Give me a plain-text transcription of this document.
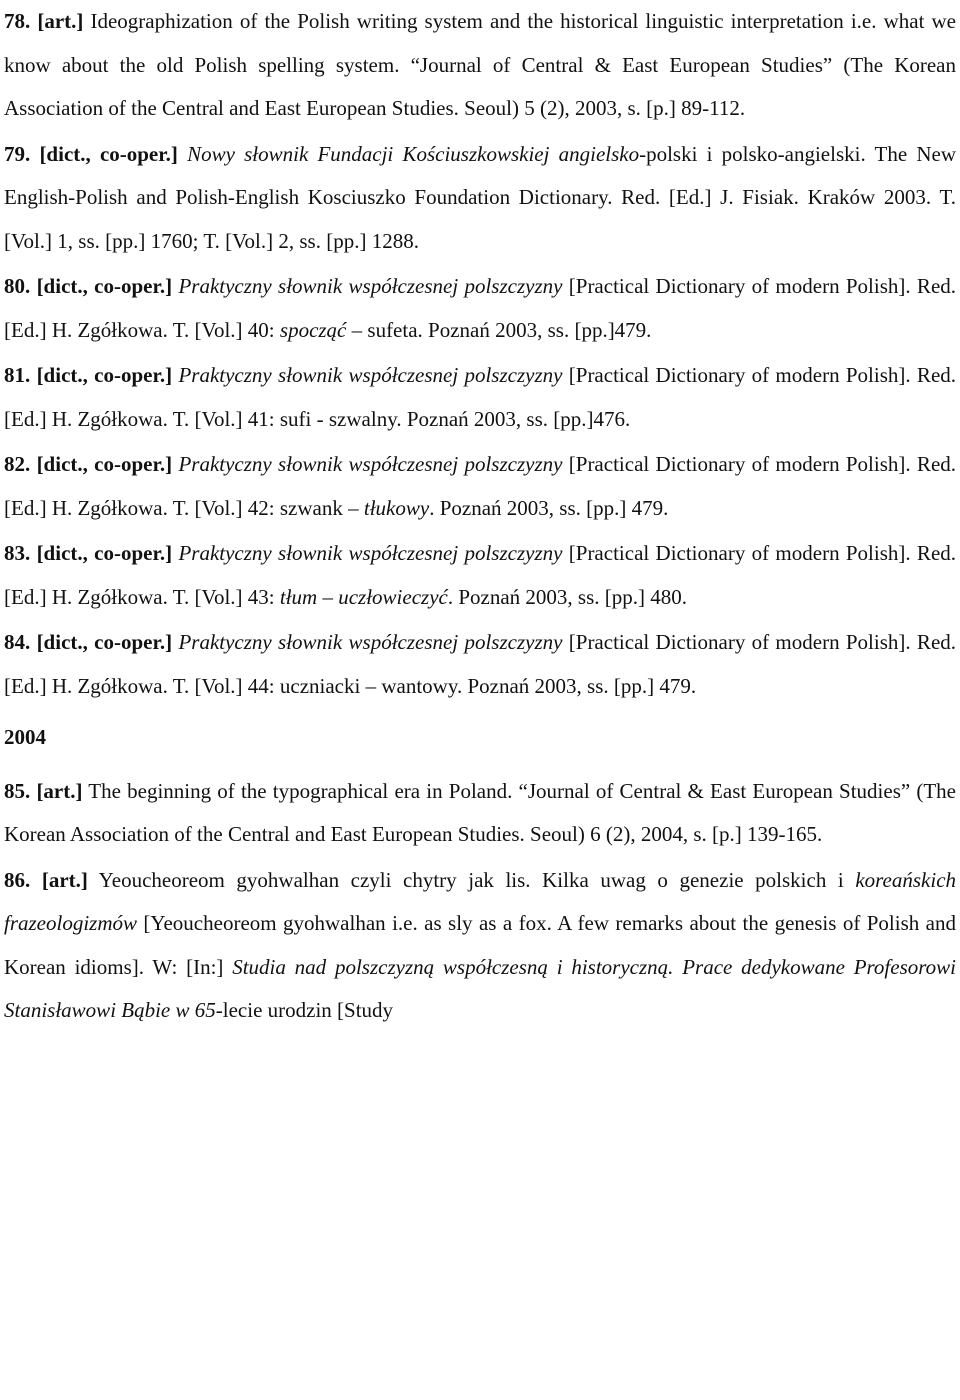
78. [art.] Ideographization of the Polish writing system and the historical linguistic interpretation i.e. what we know about the old Polish spelling system. “Journal of Central & East European Studies” (The Korean Association of the Central and East European Studies. Seoul) 5 (2), 2003, s. [p.] 89-112.

79. [dict., co-oper.] Nowy słownik Fundacji Kościuszkowskiej angielsko-polski i polsko-angielski. The New English-Polish and Polish-English Kosciuszko Foundation Dictionary. Red. [Ed.] J. Fisiak. Kraków 2003. T. [Vol.] 1, ss. [pp.] 1760; T. [Vol.] 2, ss. [pp.] 1288.

80. [dict., co-oper.] Praktyczny słownik współczesnej polszczyzny [Practical Dictionary of modern Polish]. Red. [Ed.] H. Zgółkowa. T. [Vol.] 40: spocząć – sufeta. Poznań 2003, ss. [pp.]479.

81. [dict., co-oper.] Praktyczny słownik współczesnej polszczyzny [Practical Dictionary of modern Polish]. Red. [Ed.] H. Zgółkowa. T. [Vol.] 41: sufi - szwalny. Poznań 2003, ss. [pp.]476.

82. [dict., co-oper.] Praktyczny słownik współczesnej polszczyzny [Practical Dictionary of modern Polish]. Red. [Ed.] H. Zgółkowa. T. [Vol.] 42: szwank – tłukowy. Poznań 2003, ss. [pp.] 479.

83. [dict., co-oper.] Praktyczny słownik współczesnej polszczyzny [Practical Dictionary of modern Polish]. Red. [Ed.] H. Zgółkowa. T. [Vol.] 43: tłum – uczłowieczyć. Poznań 2003, ss. [pp.] 480.

84. [dict., co-oper.] Praktyczny słownik współczesnej polszczyzny [Practical Dictionary of modern Polish]. Red. [Ed.] H. Zgółkowa. T. [Vol.] 44: uczniacki – wantowy. Poznań 2003, ss. [pp.] 479.

2004

85. [art.] The beginning of the typographical era in Poland. “Journal of Central & East European Studies” (The Korean Association of the Central and East European Studies. Seoul) 6 (2), 2004, s. [p.] 139-165.

86. [art.] Yeoucheoreom gyohwalhan czyli chytry jak lis. Kilka uwag o genezie polskich i koreańskich frazeologizmów [Yeoucheoreom gyohwalhan i.e. as sly as a fox. A few remarks about the genesis of Polish and Korean idioms]. W: [In:] Studia nad polszczyzną współczesną i historyczną. Prace dedykowane Profesorowi Stanisławowi Bąbie w 65-lecie urodzin [Study
